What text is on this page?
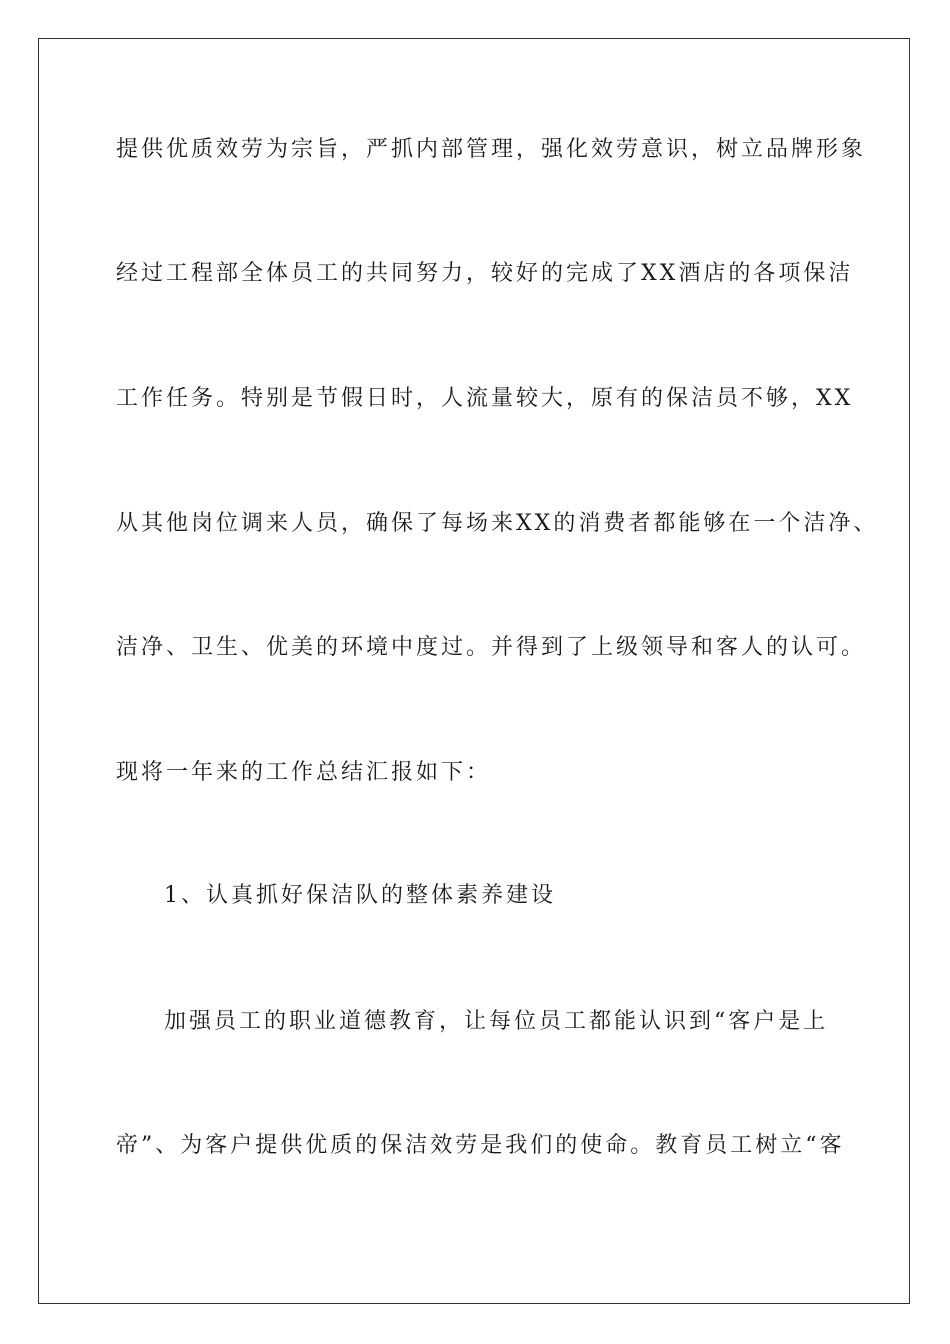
提供优质效劳为宗旨，严抓内部管理，强化效劳意识，树立品牌形象
经过工程部全体员工的共同努力，较好的完成了XX酒店的各项保洁
工作任务。特别是节假日时，人流量较大，原有的保洁员不够，XX
从其他岗位调来人员，确保了每场来XX的消费者都能够在一个洁净、
洁净、卫生、优美的环境中度过。并得到了上级领导和客人的认可。
现将一年来的工作总结汇报如下：
1、认真抓好保洁队的整体素养建设
加强员工的职业道德教育，让每位员工都能认识到“客户是上
帝”、为客户提供优质的保洁效劳是我们的使命。教育员工树立“客
